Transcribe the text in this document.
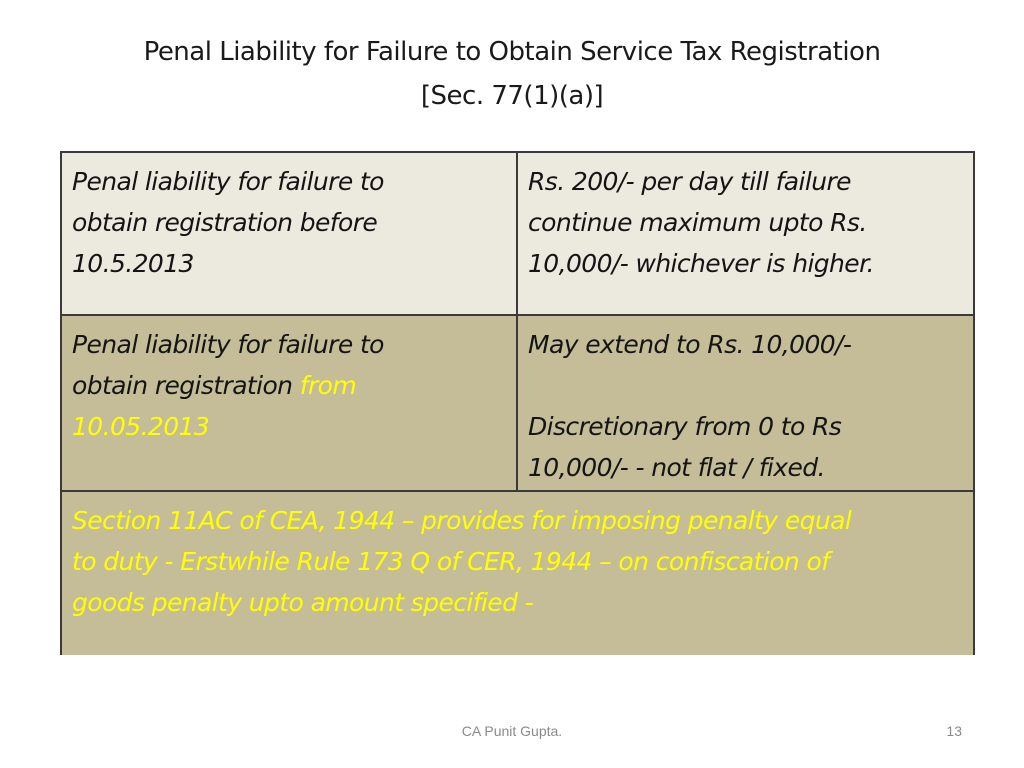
Penal Liability for Failure to Obtain Service Tax Registration
[Sec. 77(1)(a)]
Penal liability for failure to
obtain registration before
10.5.2013
Rs. 200/- per day till failure
continue maximum upto Rs.
10,000/- whichever is higher.
Penal liability for failure to
obtain registration from
10.05.2013
May extend to Rs. 10,000/-
Discretionary from 0 to Rs
10,000/- - not flat / fixed.
Section 11AC of CEA, 1944 – provides for imposing penalty equal
to duty - Erstwhile Rule 173 Q of CER, 1944 – on confiscation of
goods penalty upto amount specified -
CA Punit Gupta.	13
